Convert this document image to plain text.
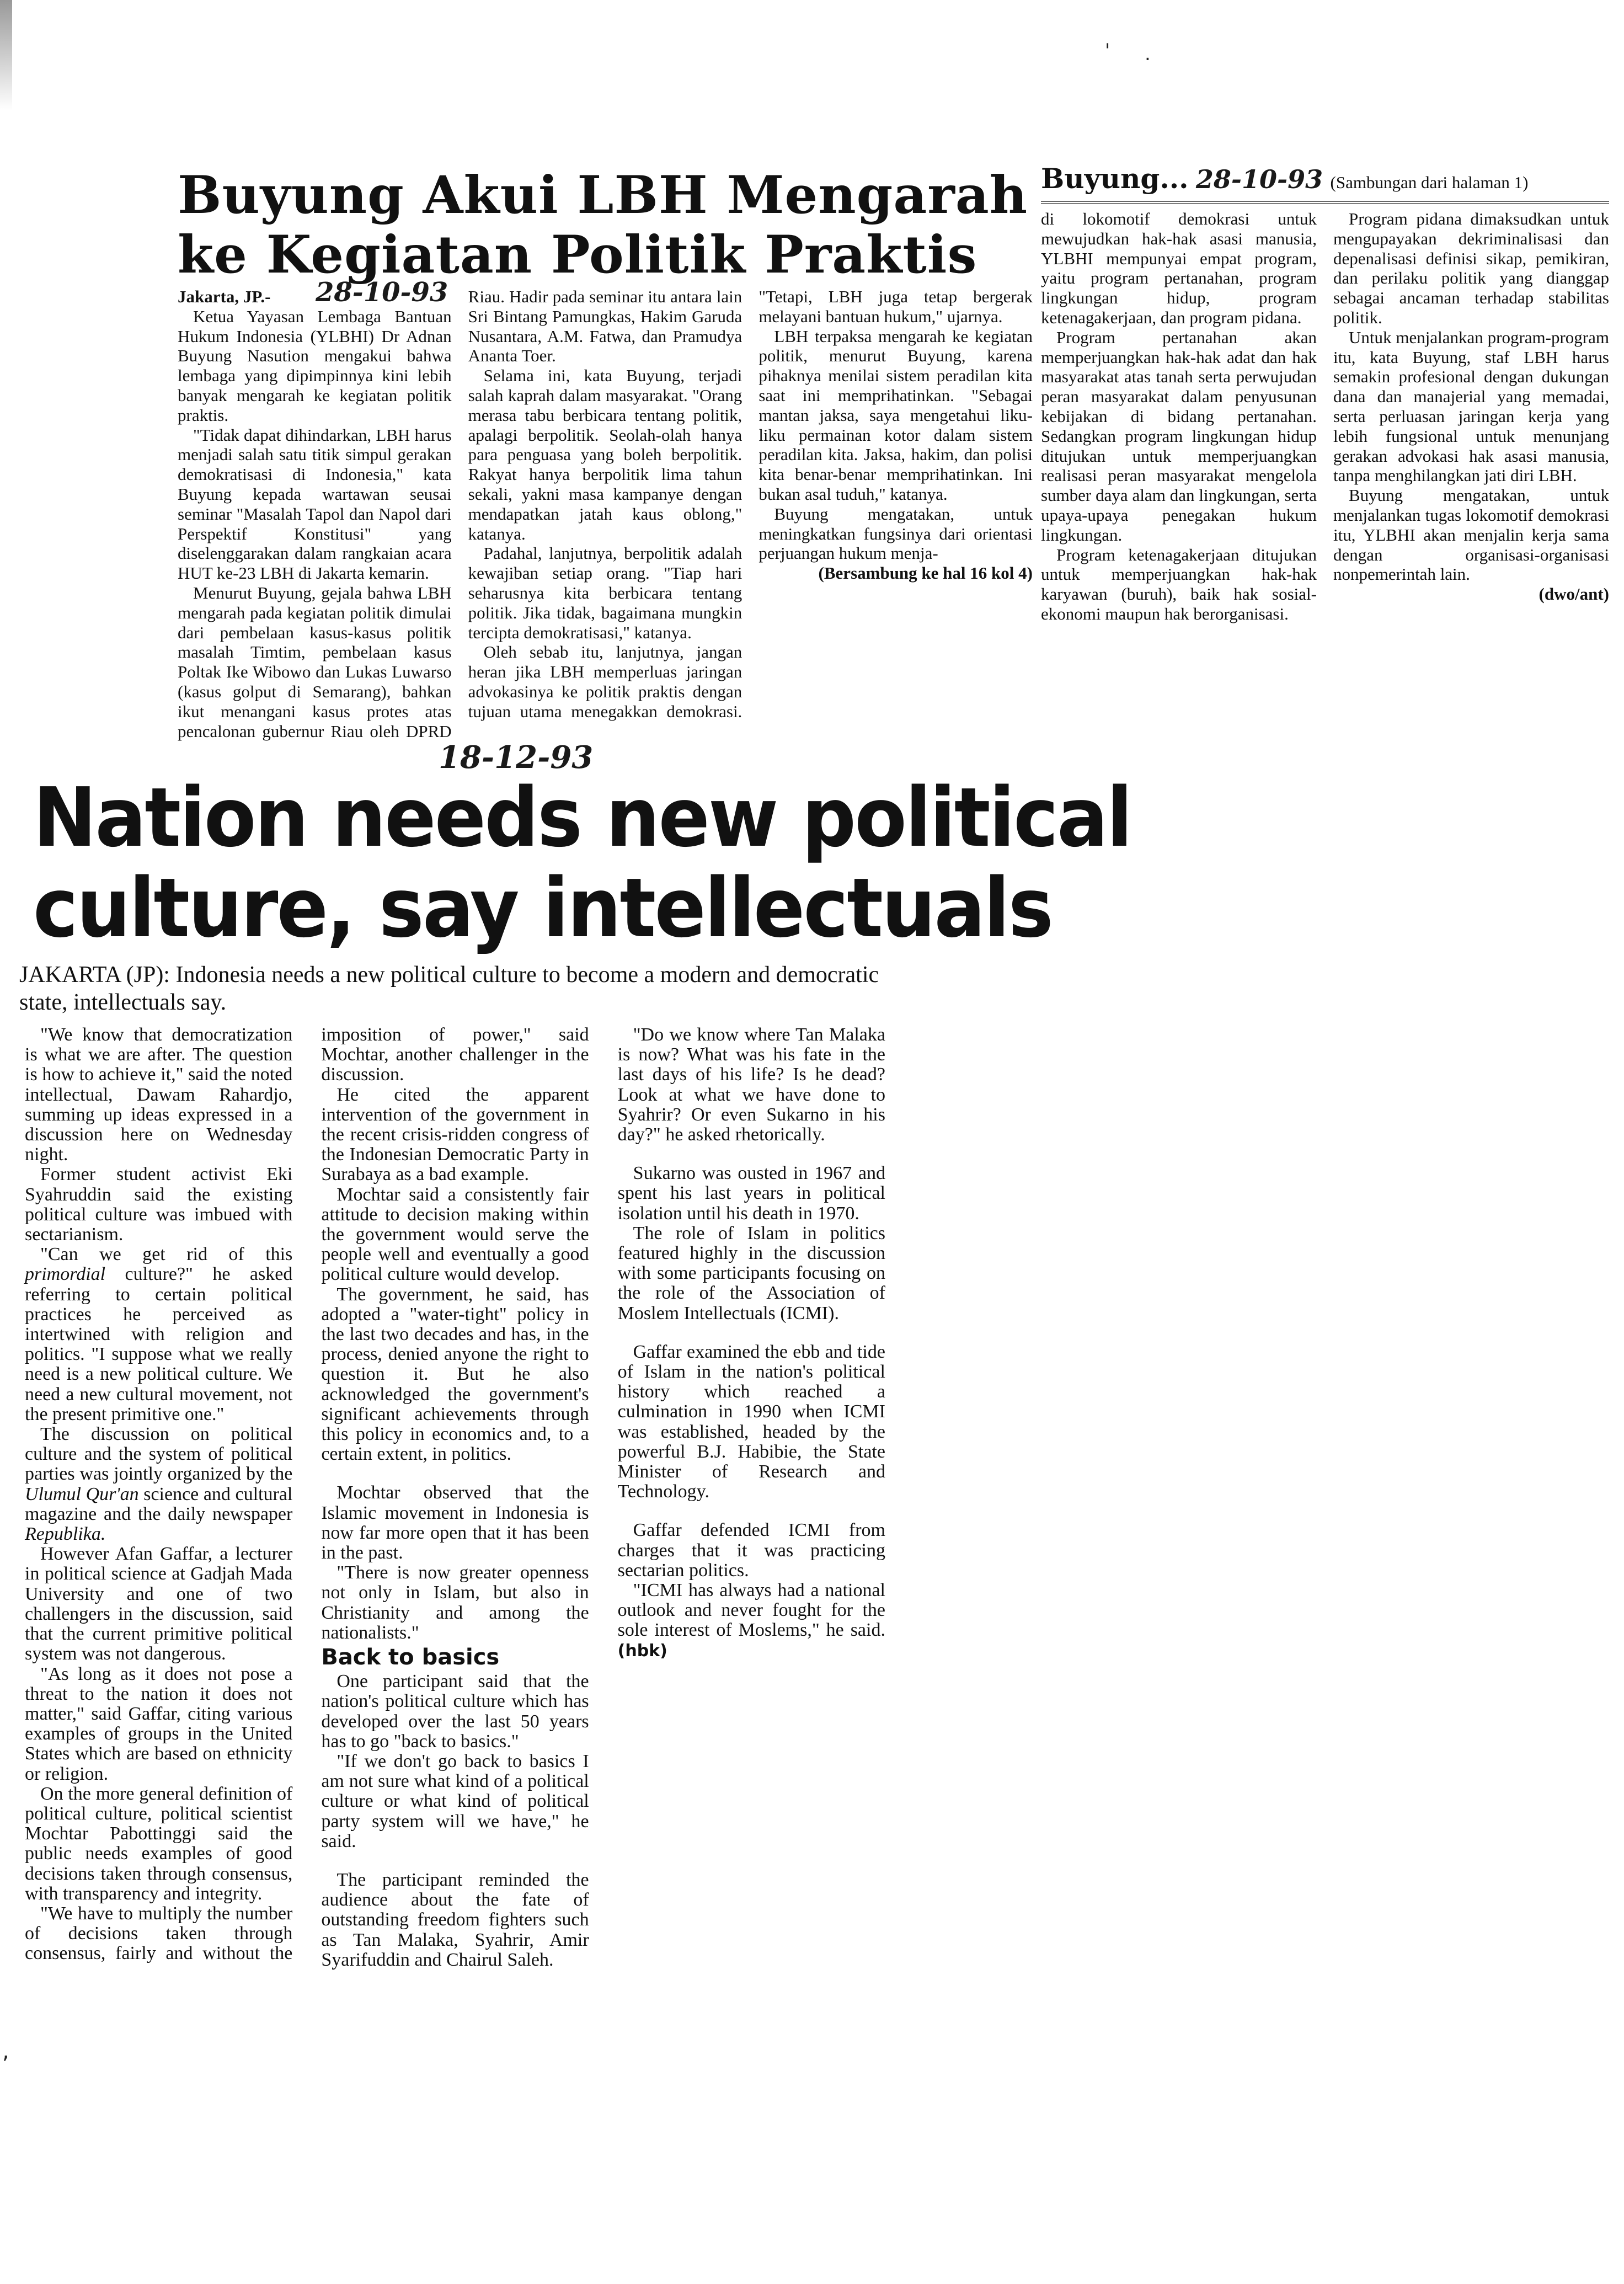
' .
,
Buyung Akui LBH Mengarah
ke Kegiatan Politik Praktis
28-10-93

Jakarta, JP.-

Ketua Yayasan Lembaga Bantuan Hukum Indonesia (YLBHI) Dr Adnan Buyung Nasution mengakui bahwa lembaga yang dipimpinnya kini lebih banyak mengarah ke kegiatan politik praktis.

"Tidak dapat dihindarkan, LBH harus menjadi salah satu titik simpul gerakan demokratisasi di Indonesia," kata Buyung kepada wartawan seusai seminar "Masalah Tapol dan Napol dari Perspektif Konstitusi" yang diselenggarakan dalam rangkaian acara HUT ke-23 LBH di Jakarta kemarin.

Menurut Buyung, gejala bahwa LBH mengarah pada kegiatan politik dimulai dari pembelaan kasus-kasus politik masalah Timtim, pembelaan kasus Poltak Ike Wibowo dan Lukas Luwarso (kasus golput di Semarang), bahkan ikut menangani kasus protes atas pencalonan gubernur Riau oleh DPRD Riau. Hadir pada seminar itu antara lain Sri Bintang Pamungkas, Hakim Garuda Nusantara, A.M. Fatwa, dan Pramudya Ananta Toer.

Selama ini, kata Buyung, terjadi salah kaprah dalam masyarakat. "Orang merasa tabu berbicara tentang politik, apalagi berpolitik. Seolah-olah hanya para penguasa yang boleh berpolitik. Rakyat hanya berpolitik lima tahun sekali, yakni masa kampanye dengan mendapatkan jatah kaus oblong," katanya.

Padahal, lanjutnya, berpolitik adalah kewajiban setiap orang. "Tiap hari seharusnya kita berbicara tentang politik. Jika tidak, bagaimana mungkin tercipta demokratisasi," katanya.

Oleh sebab itu, lanjutnya, jangan heran jika LBH memperluas jaringan advokasinya ke politik praktis dengan tujuan utama menegakkan demokrasi. "Tetapi, LBH juga tetap bergerak melayani bantuan hukum," ujarnya.

LBH terpaksa mengarah ke kegiatan politik, menurut Buyung, karena pihaknya menilai sistem peradilan kita saat ini memprihatinkan. "Sebagai mantan jaksa, saya mengetahui liku-liku permainan kotor dalam sistem peradilan kita. Jaksa, hakim, dan polisi kita benar-benar memprihatinkan. Ini bukan asal tuduh," katanya.

Buyung mengatakan, untuk meningkatkan fungsinya dari orientasi perjuangan hukum menja-

(Bersambung ke hal 16 kol 4)

Buyung... 28-10-93 (Sambungan dari halaman 1)

di lokomotif demokrasi untuk mewujudkan hak-hak asasi manusia, YLBHI mempunyai empat program, yaitu program pertanahan, program lingkungan hidup, program ketenagakerjaan, dan program pidana.

Program pertanahan akan memperjuangkan hak-hak adat dan hak masyarakat atas tanah serta perwujudan peran masyarakat dalam penyusunan kebijakan di bidang pertanahan. Sedangkan program lingkungan hidup ditujukan untuk memperjuangkan realisasi peran masyarakat mengelola sumber daya alam dan lingkungan, serta upaya-upaya penegakan hukum lingkungan.

Program ketenagakerjaan ditujukan untuk memperjuangkan hak-hak karyawan (buruh), baik hak sosial-ekonomi maupun hak berorganisasi.

Program pidana dimaksudkan untuk mengupayakan dekriminalisasi dan depenalisasi definisi sikap, pemikiran, dan perilaku politik yang dianggap sebagai ancaman terhadap stabilitas politik.

Untuk menjalankan program-program itu, kata Buyung, staf LBH harus semakin profesional dengan dukungan dana dan manajerial yang memadai, serta perluasan jaringan kerja yang lebih fungsional untuk menunjang gerakan advokasi hak asasi manusia, tanpa menghilangkan jati diri LBH.

Buyung mengatakan, untuk menjalankan tugas lokomotif demokrasi itu, YLBHI akan menjalin kerja sama dengan organisasi-organisasi nonpemerintah lain.

(dwo/ant)

18-12-93
Nation needs new political
culture, say intellectuals
JAKARTA (JP): Indonesia needs a new political culture to become a modern and democratic state, intellectuals say.

"We know that democratization is what we are after. The question is how to achieve it," said the noted intellectual, Dawam Rahardjo, summing up ideas expressed in a discussion here on Wednesday night.

Former student activist Eki Syahruddin said the existing political culture was imbued with sectarianism.

"Can we get rid of this primordial culture?" he asked referring to certain political practices he perceived as intertwined with religion and politics. "I suppose what we really need is a new political culture. We need a new cultural movement, not the present primitive one."

The discussion on political culture and the system of political parties was jointly organized by the Ulumul Qur'an science and cultural magazine and the daily newspaper Republika.

However Afan Gaffar, a lecturer in political science at Gadjah Mada University and one of two challengers in the discussion, said that the current primitive political system was not dangerous.

"As long as it does not pose a threat to the nation it does not matter," said Gaffar, citing various examples of groups in the United States which are based on ethnicity or religion.

On the more general definition of political culture, political scientist Mochtar Pabottinggi said the public needs examples of good decisions taken through consensus, with transparency and integrity.

"We have to multiply the number of decisions taken through consensus, fairly and without the imposition of power," said Mochtar, another challenger in the discussion.

He cited the apparent intervention of the government in the recent crisis-ridden congress of the Indonesian Democratic Party in Surabaya as a bad example.

Mochtar said a consistently fair attitude to decision making within the government would serve the people well and eventually a good political culture would develop.

The government, he said, has adopted a "water-tight" policy in the last two decades and has, in the process, denied anyone the right to question it. But he also acknowledged the government's significant achievements through this policy in economics and, to a certain extent, in politics.

Mochtar observed that the Islamic movement in Indonesia is now far more open that it has been in the past.

"There is now greater openness not only in Islam, but also in Christianity and among the nationalists."

Back to basics

One participant said that the nation's political culture which has developed over the last 50 years has to go "back to basics."

"If we don't go back to basics I am not sure what kind of a political culture or what kind of political party system will we have," he said.

The participant reminded the audience about the fate of outstanding freedom fighters such as Tan Malaka, Syahrir, Amir Syarifuddin and Chairul Saleh.

"Do we know where Tan Malaka is now? What was his fate in the last days of his life? Is he dead? Look at what we have done to Syahrir? Or even Sukarno in his day?" he asked rhetorically.

Sukarno was ousted in 1967 and spent his last years in political isolation until his death in 1970.

The role of Islam in politics featured highly in the discussion with some participants focusing on the role of the Association of Moslem Intellectuals (ICMI).

Gaffar examined the ebb and tide of Islam in the nation's political history which reached a culmination in 1990 when ICMI was established, headed by the powerful B.J. Habibie, the State Minister of Research and Technology.

Gaffar defended ICMI from charges that it was practicing sectarian politics.

"ICMI has always had a national outlook and never fought for the sole interest of Moslems," he said. (hbk)
